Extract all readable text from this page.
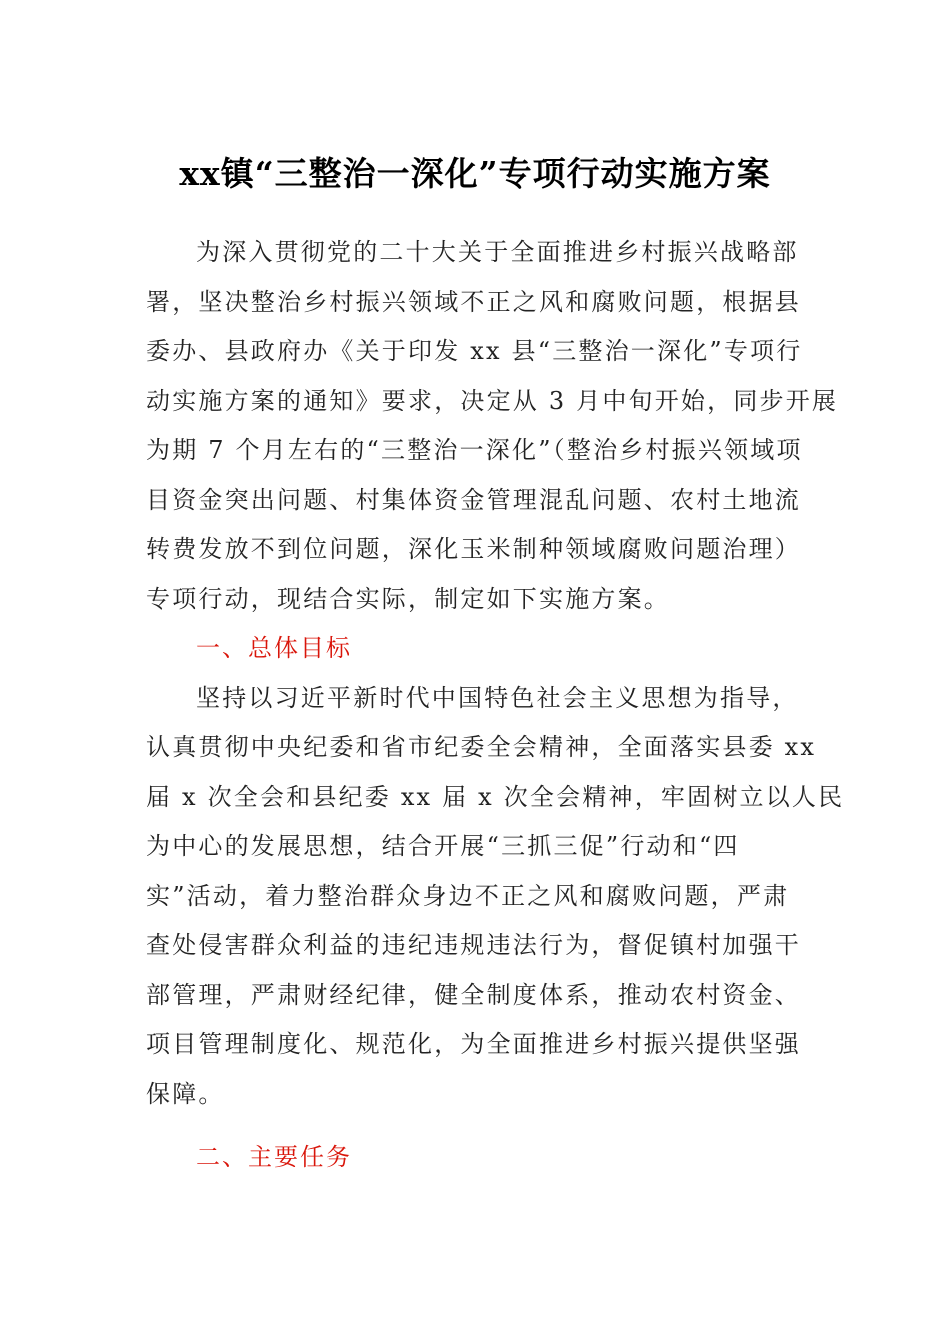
xx镇“三整治一深化”专项行动实施方案
为深入贯彻党的二十大关于全面推进乡村振兴战略部
署，坚决整治乡村振兴领域不正之风和腐败问题，根据县
委办、县政府办《关于印发 xx 县“三整治一深化”专项行
动实施方案的通知》要求，决定从 3 月中旬开始，同步开展
为期 7 个月左右的“三整治一深化”（整治乡村振兴领域项
目资金突出问题、村集体资金管理混乱问题、农村土地流
转费发放不到位问题，深化玉米制种领域腐败问题治理）
专项行动，现结合实际，制定如下实施方案。
一、总体目标
坚持以习近平新时代中国特色社会主义思想为指导，
认真贯彻中央纪委和省市纪委全会精神，全面落实县委 xx
届 x 次全会和县纪委 xx 届 x 次全会精神，牢固树立以人民
为中心的发展思想，结合开展“三抓三促”行动和“四
实”活动，着力整治群众身边不正之风和腐败问题，严肃
查处侵害群众利益的违纪违规违法行为，督促镇村加强干
部管理，严肃财经纪律，健全制度体系，推动农村资金、
项目管理制度化、规范化，为全面推进乡村振兴提供坚强
保障。
二、主要任务
